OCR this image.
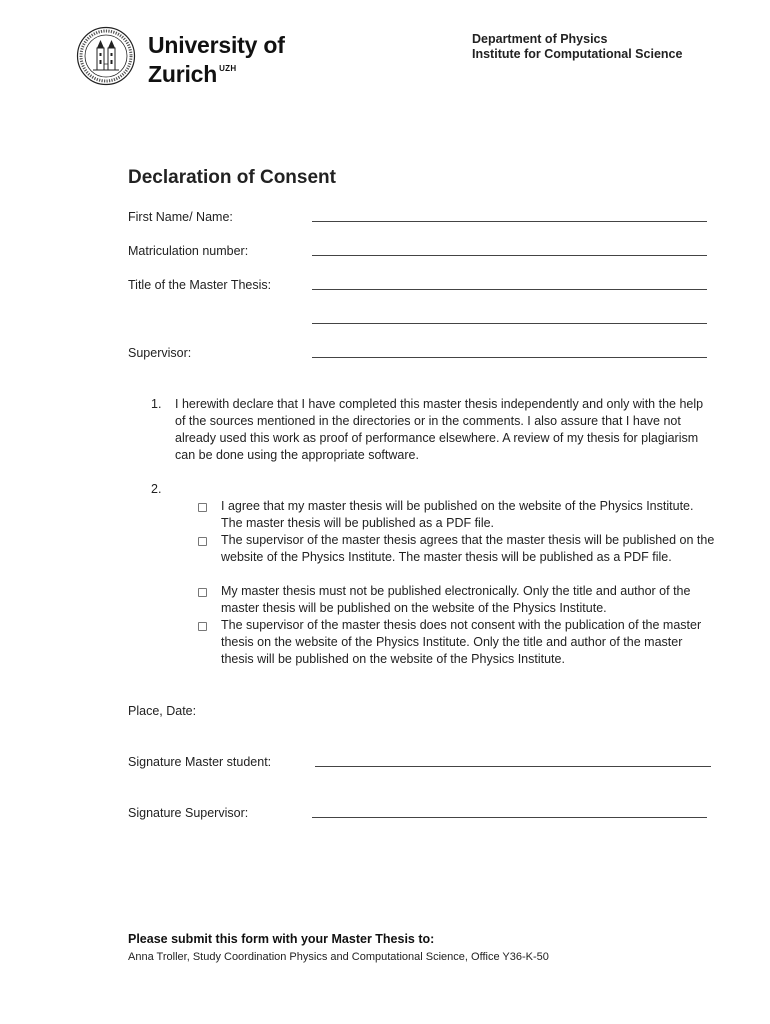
University of
Zurich $^{UZH}$
Department of Physics
Institute for Computational Science
Declaration of Consent
First Name/ Name:
Matriculation number:
Title of the Master Thesis:
Supervisor:
1. I herewith declare that I have completed this master thesis independently and only with the help of the sources mentioned in the directories or in the comments. I also assure that I have not already used this work as proof of performance elsewhere. A review of my thesis for plagiarism can be done using the appropriate software.
2.
I agree that my master thesis will be published on the website of the Physics Institute. The master thesis will be published as a PDF file.
The supervisor of the master thesis agrees that the master thesis will be published on the website of the Physics Institute. The master thesis will be published as a PDF file.
My master thesis must not be published electronically. Only the title and author of the master thesis will be published on the website of the Physics Institute.
The supervisor of the master thesis does not consent with the publication of the master thesis on the website of the Physics Institute. Only the title and author of the master thesis will be published on the website of the Physics Institute.
Place, Date:
Signature Master student:
Signature Supervisor:
Please submit this form with your Master Thesis to:
Anna Troller, Study Coordination Physics and Computational Science, Office Y36-K-50
